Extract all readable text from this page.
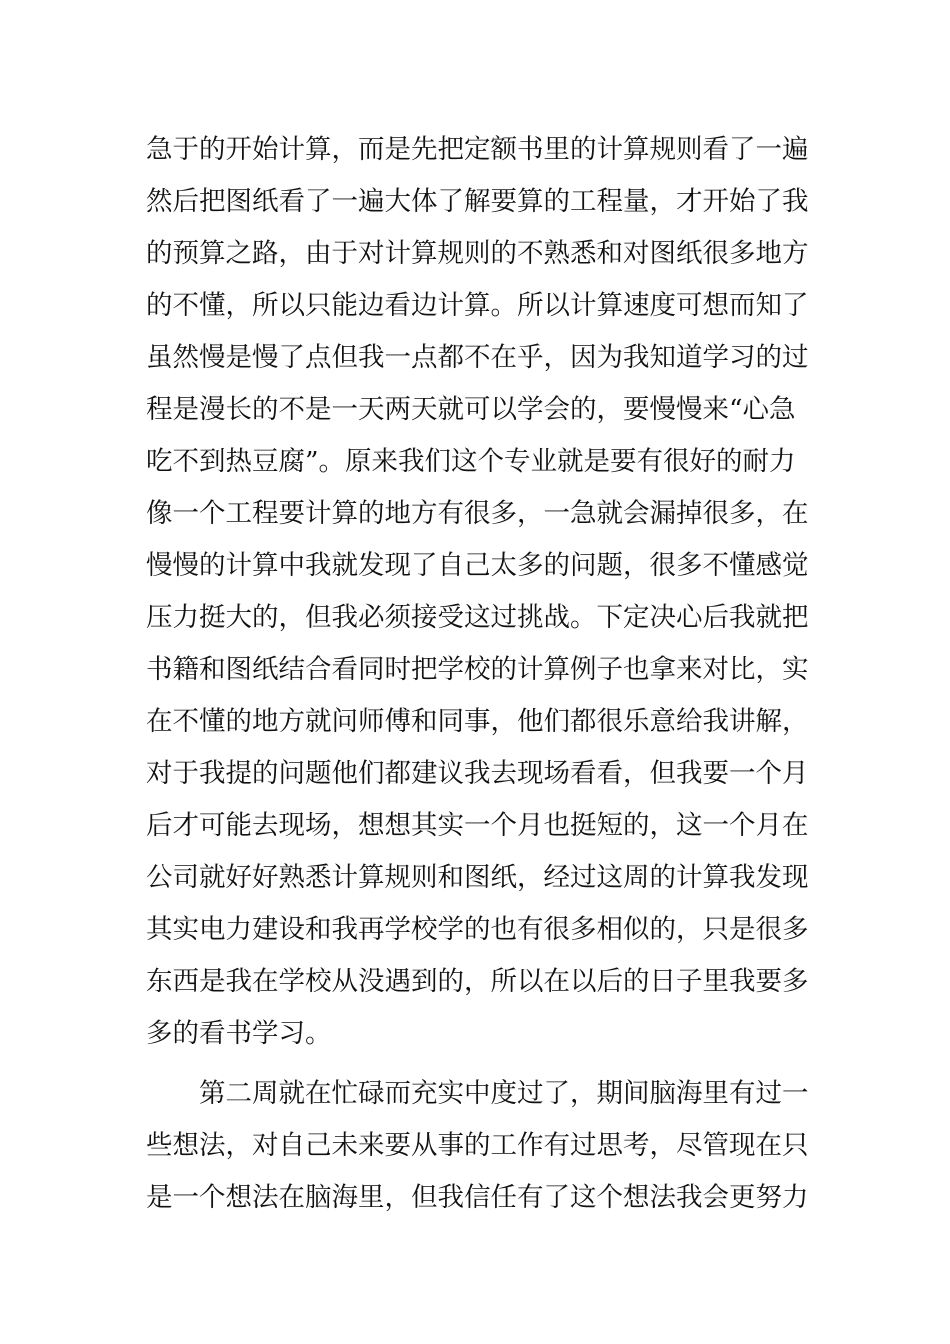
急于的开始计算，而是先把定额书里的计算规则看了一遍
然后把图纸看了一遍大体了解要算的工程量，才开始了我
的预算之路，由于对计算规则的不熟悉和对图纸很多地方
的不懂，所以只能边看边计算。所以计算速度可想而知了
虽然慢是慢了点但我一点都不在乎，因为我知道学习的过
程是漫长的不是一天两天就可以学会的，要慢慢来“心急
吃不到热豆腐”。原来我们这个专业就是要有很好的耐力
像一个工程要计算的地方有很多，一急就会漏掉很多，在
慢慢的计算中我就发现了自己太多的问题，很多不懂感觉
压力挺大的，但我必须接受这过挑战。下定决心后我就把
书籍和图纸结合看同时把学校的计算例子也拿来对比，实
在不懂的地方就问师傅和同事，他们都很乐意给我讲解，
对于我提的问题他们都建议我去现场看看，但我要一个月
后才可能去现场，想想其实一个月也挺短的，这一个月在
公司就好好熟悉计算规则和图纸，经过这周的计算我发现
其实电力建设和我再学校学的也有很多相似的，只是很多
东西是我在学校从没遇到的，所以在以后的日子里我要多
多的看书学习。
第二周就在忙碌而充实中度过了，期间脑海里有过一
些想法，对自己未来要从事的工作有过思考，尽管现在只
是一个想法在脑海里，但我信任有了这个想法我会更努力
